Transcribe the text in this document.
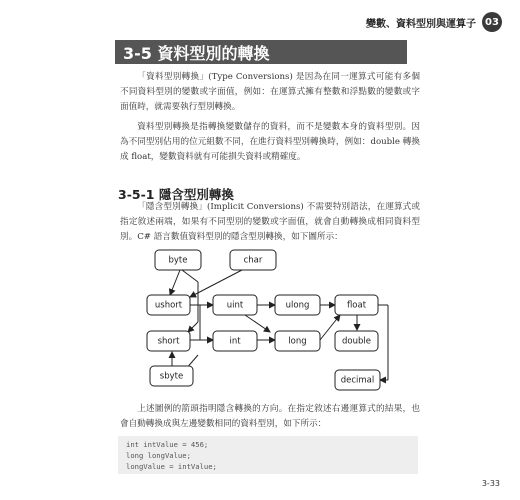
變數、資料型別與運算子 03
3-5 資料型別的轉換
「資料型別轉換」(Type Conversions) 是因為在同一運算式可能有多個不同資料型別的變數或字面值，例如：在運算式擁有整數和浮點數的變數或字面值時，就需要執行型別轉換。
資料型別轉換是指轉換變數儲存的資料，而不是變數本身的資料型別。因為不同型別佔用的位元組數不同，在進行資料型別轉換時，例如：double 轉換成 float，變數資料就有可能損失資料或精確度。
3-5-1 隱含型別轉換
「隱含型別轉換」(Implicit Conversions) 不需要特別語法，在運算式或指定敘述兩端，如果有不同型別的變數或字面值，就會自動轉換成相同資料型別。C# 語言數值資料型別的隱含型別轉換，如下圖所示：
byte	char
ushort	uint	ulong	float
short	int	long	double
sbyte	decimal
上述圖例的箭頭指明隱含轉換的方向。在指定敘述右邊運算式的結果，也會自動轉換成與左邊變數相同的資料型別，如下所示：
int intValue = 456;
long longValue;
longValue = intValue;
3-33
